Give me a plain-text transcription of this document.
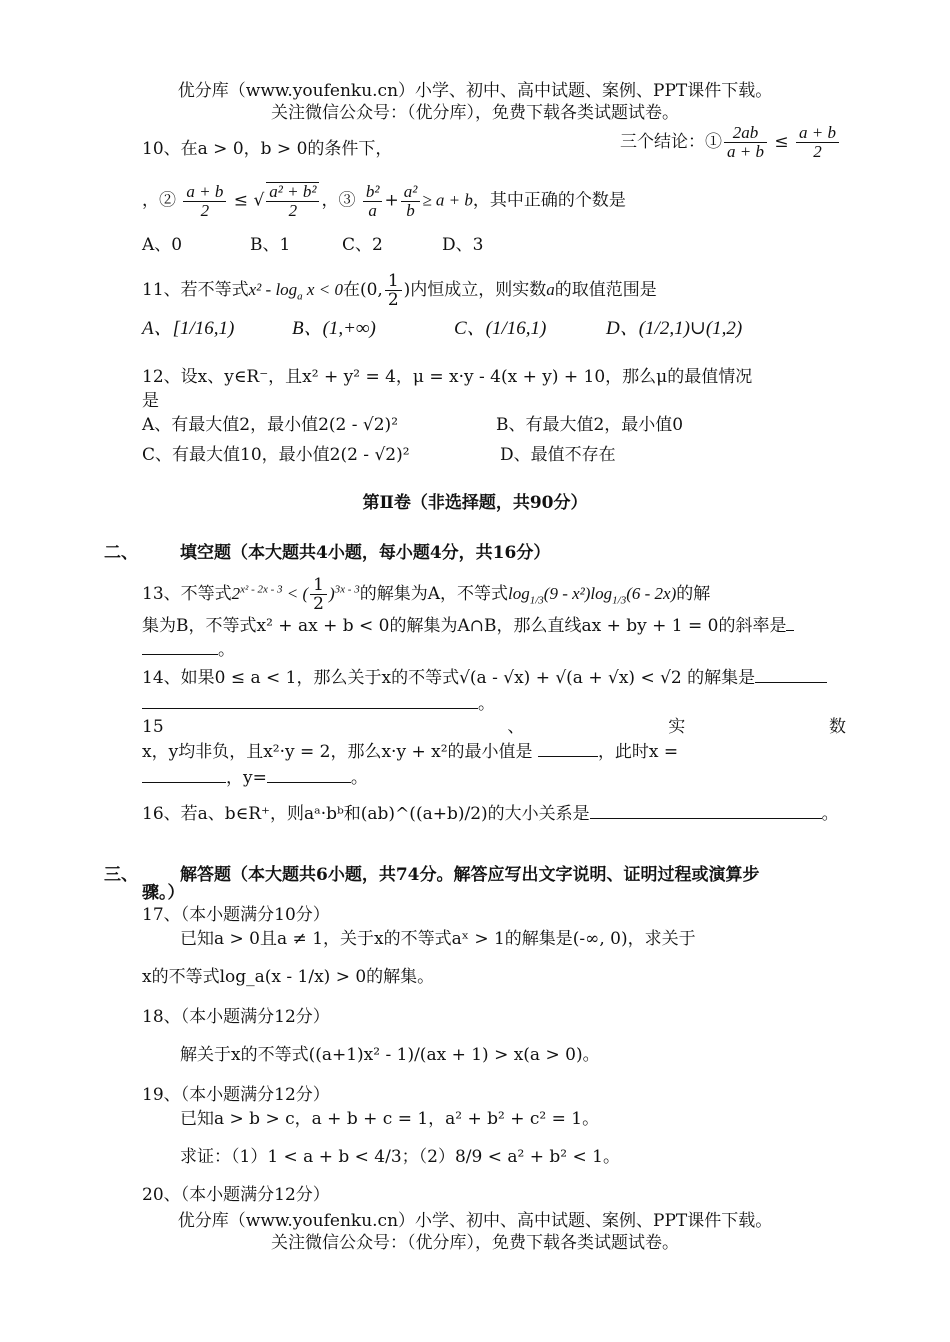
优分库（www.youfenku.cn）小学、初中、高中试题、案例、PPT课件下载。
关注微信公众号：（优分库），免费下载各类试题试卷。
10、在a > 0，b > 0的条件下，	三个结论：① $\frac{2ab}{a + b} \le \frac{a + b}{2}$
，② $\frac{a + b}{2}$ ≤ √ $\frac{\text{a² + b²}}{2}$ ，③ $\frac{\text{b²}}{a} + \frac{\text{a²}}{b} \ge a + b$，其中正确的个数是
A、0	B、1	C、2	D、3
11、若不等式$x^2 - \log_a x < 0$在(0, $\frac{1}{2}$ )内恒成立，则实数a的取值范围是
A、[1/16,1)	B、(1,+∞)	C、(1/16,1)	D、(1/2,1)∪(1,2)
12、设x、y∈R⁻，且x² + y² = 4，μ = x·y - 4(x + y) + 10，那么μ的最值情况
是
A、有最大值2，最小值2(2 - √2)²	B、有最大值2，最小值0
C、有最大值10，最小值2(2 - √2)²	D、最值不存在
第Ⅱ卷（非选择题，共90分）
二、 填空题（本大题共4小题，每小题4分，共16分）
13、不等式$2^{x^2 - 2x - 3}$ < ( $\frac{1}{2} )^{3x - 3}$的解集为A，不等式$\log_{1/3}(9 - x^2)\log_{1/3}(6 - 2x)$的解
集为B，不等式x² + ax + b < 0的解集为A∩B，那么直线ax + by + 1 = 0的斜率是
。
14、如果0 ≤ a < 1，那么关于x的不等式√(a - √x) + √(a + √x) < √2 的解集是
。
15	、	实	数
x，y均非负，且x²·y = 2，那么x·y + x²的最小值是	，此时x =
，y=	。
16、若a、b∈R⁺，则aᵃ·bᵇ和(ab)^((a+b)/2)的大小关系是	。
三、 解答题（本大题共6小题，共74分。解答应写出文字说明、证明过程或演算步
骤。）
17、（本小题满分10分）
已知a > 0且a ≠ 1，关于x的不等式aˣ > 1的解集是(-∞, 0)，求关于
x的不等式log_a(x - 1/x) > 0的解集。
18、（本小题满分12分）
解关于x的不等式((a+1)x² - 1)/(ax + 1) > x(a > 0)。
19、（本小题满分12分）
已知a > b > c，a + b + c = 1，a² + b² + c² = 1。
求证：（1）1 < a + b < 4/3；（2）8/9 < a² + b² < 1。
20、（本小题满分12分）
优分库（www.youfenku.cn）小学、初中、高中试题、案例、PPT课件下载。
关注微信公众号：（优分库），免费下载各类试题试卷。
